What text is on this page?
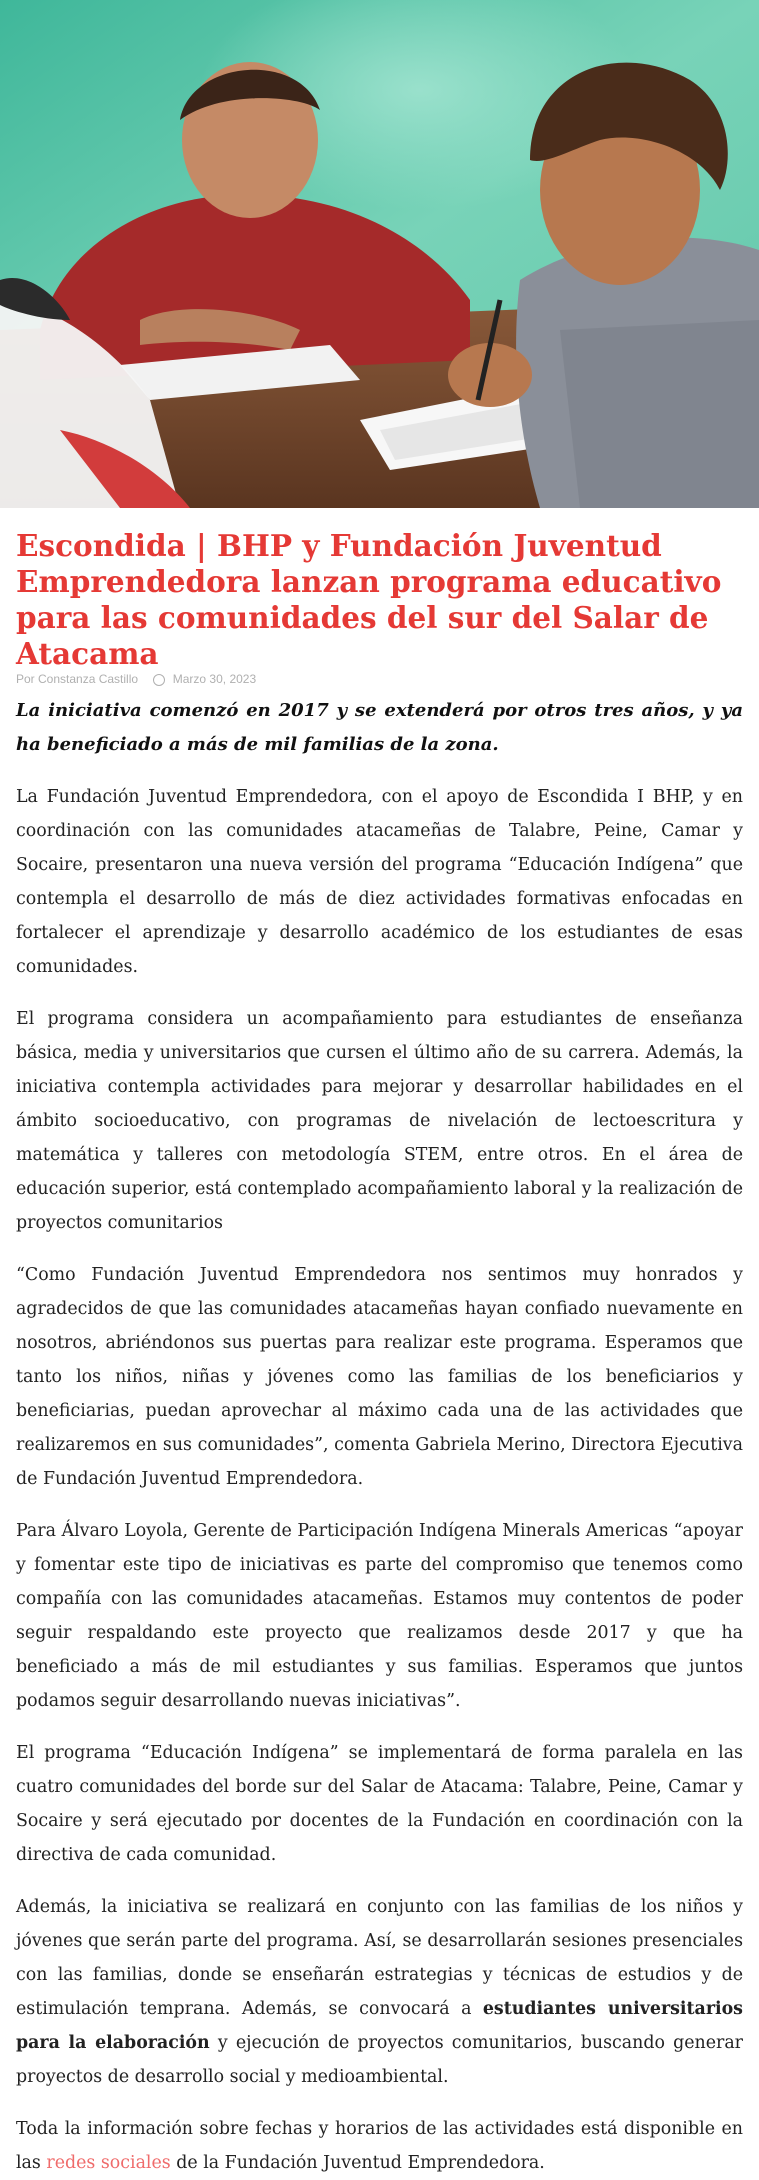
Escondida | BHP y Fundación Juventud Emprendedora lanzan programa educativo para las comunidades del sur del Salar de Atacama
Por Constanza Castillo	Marzo 30, 2023

La iniciativa comenzó en 2017 y se extenderá por otros tres años, y ya ha beneficiado a más de mil familias de la zona.

La Fundación Juventud Emprendedora, con el apoyo de Escondida I BHP, y en coordinación con las comunidades atacameñas de Talabre, Peine, Camar y Socaire, presentaron una nueva versión del programa “Educación Indígena” que contempla el desarrollo de más de diez actividades formativas enfocadas en fortalecer el aprendizaje y desarrollo académico de los estudiantes de esas comunidades.

El programa considera un acompañamiento para estudiantes de enseñanza básica, media y universitarios que cursen el último año de su carrera. Además, la iniciativa contempla actividades para mejorar y desarrollar habilidades en el ámbito socioeducativo, con programas de nivelación de lectoescritura y matemática y talleres con metodología STEM, entre otros. En el área de educación superior, está contemplado acompañamiento laboral y la realización de proyectos comunitarios

“Como Fundación Juventud Emprendedora nos sentimos muy honrados y agradecidos de que las comunidades atacameñas hayan confiado nuevamente en nosotros, abriéndonos sus puertas para realizar este programa. Esperamos que tanto los niños, niñas y jóvenes como las familias de los beneficiarios y beneficiarias, puedan aprovechar al máximo cada una de las actividades que realizaremos en sus comunidades”, comenta Gabriela Merino, Directora Ejecutiva de Fundación Juventud Emprendedora.

Para Álvaro Loyola, Gerente de Participación Indígena Minerals Americas “apoyar y fomentar este tipo de iniciativas es parte del compromiso que tenemos como compañía con las comunidades atacameñas. Estamos muy contentos de poder seguir respaldando este proyecto que realizamos desde 2017 y que ha beneficiado a más de mil estudiantes y sus familias. Esperamos que juntos podamos seguir desarrollando nuevas iniciativas”.

El programa “Educación Indígena” se implementará de forma paralela en las cuatro comunidades del borde sur del Salar de Atacama: Talabre, Peine, Camar y Socaire y será ejecutado por docentes de la Fundación en coordinación con la directiva de cada comunidad.

Además, la iniciativa se realizará en conjunto con las familias de los niños y jóvenes que serán parte del programa. Así, se desarrollarán sesiones presenciales con las familias, donde se enseñarán estrategias y técnicas de estudios y de estimulación temprana. Además, se convocará a estudiantes universitarios para la elaboración y ejecución de proyectos comunitarios, buscando generar proyectos de desarrollo social y medioambiental.

Toda la información sobre fechas y horarios de las actividades está disponible en las redes sociales de la Fundación Juventud Emprendedora.
